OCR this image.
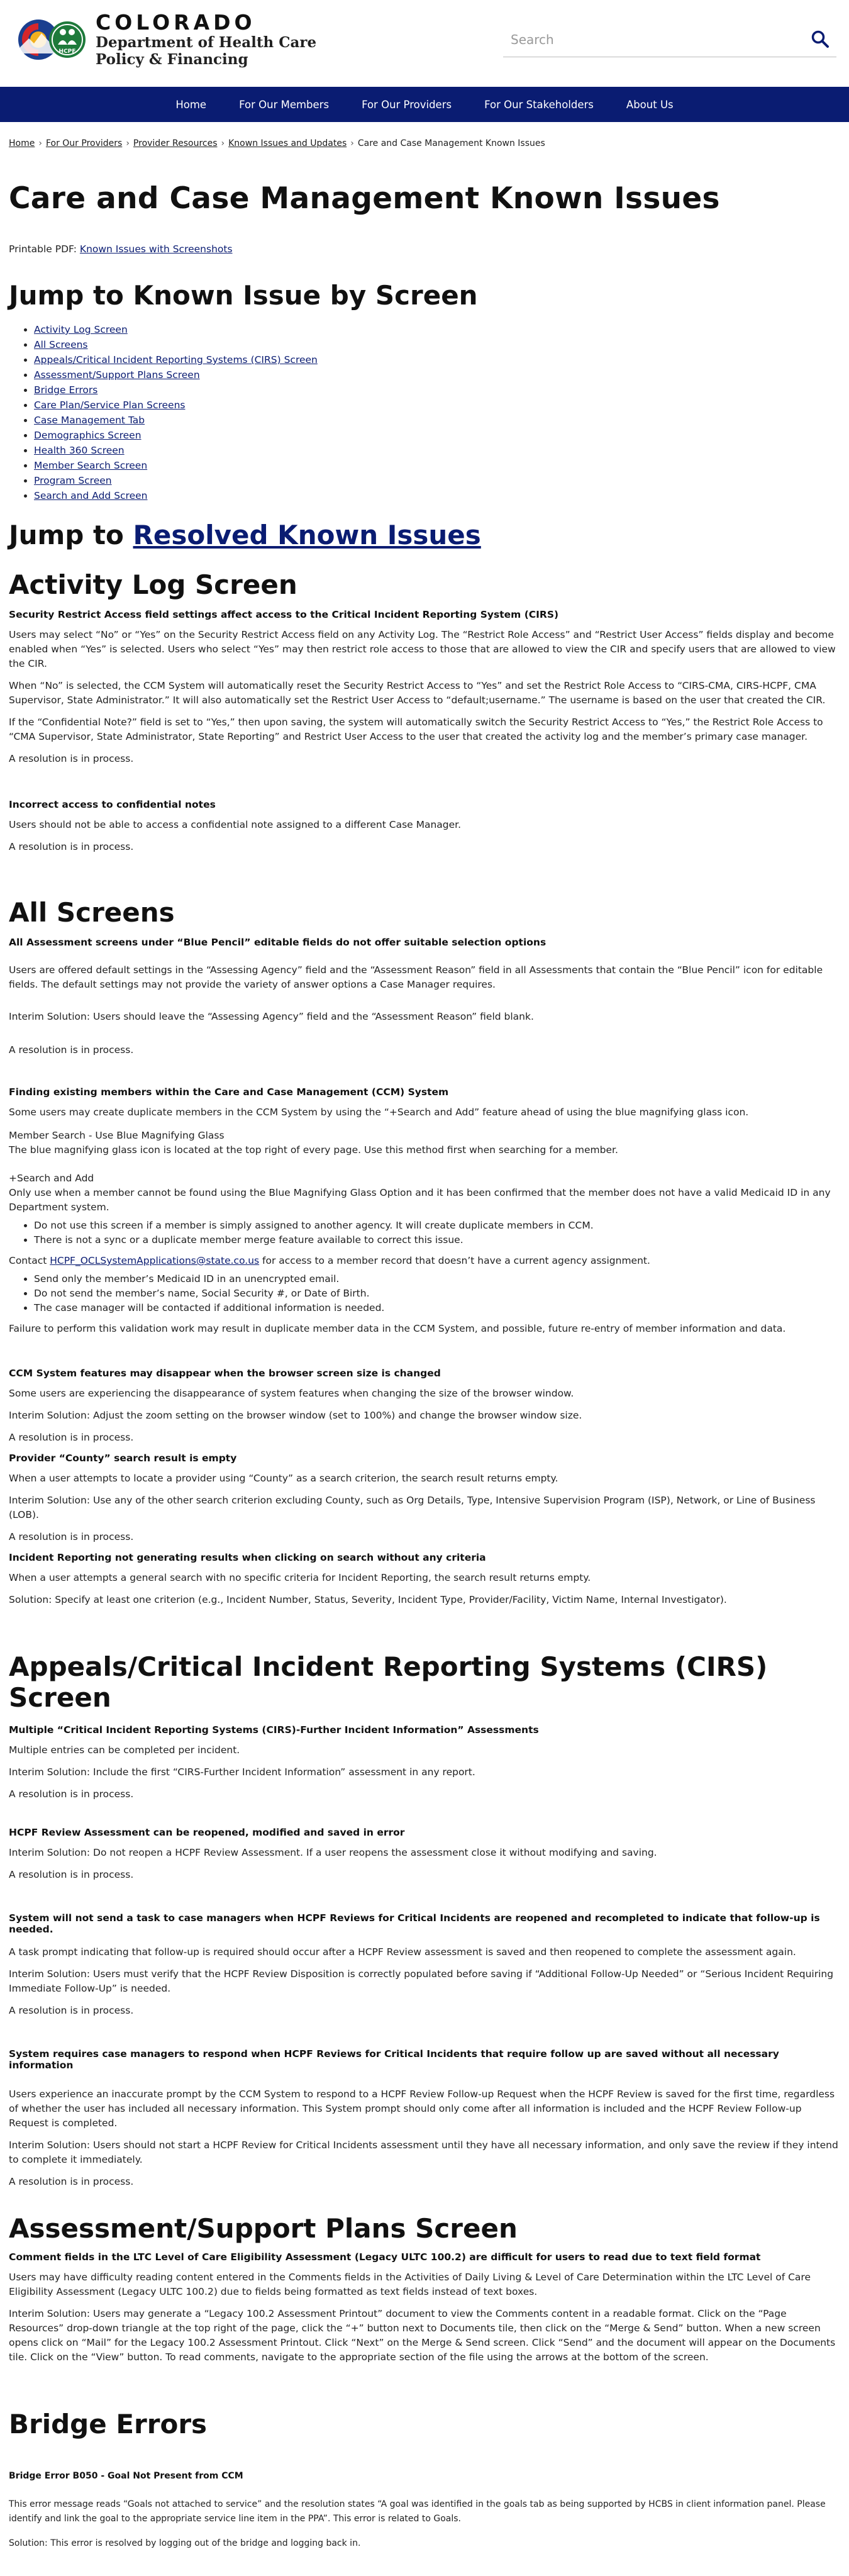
HCPF
COLORADO
Department of Health Care
Policy & Financing
Search
Home	For Our Members	For Our Providers	For Our Stakeholders	About Us
Home › For Our Providers › Provider Resources › Known Issues and Updates › Care and Case Management Known Issues
Care and Case Management Known Issues
Printable PDF: Known Issues with Screenshots
Jump to Known Issue by Screen
• Activity Log Screen
• All Screens
• Appeals/Critical Incident Reporting Systems (CIRS) Screen
• Assessment/Support Plans Screen
• Bridge Errors
• Care Plan/Service Plan Screens
• Case Management Tab
• Demographics Screen
• Health 360 Screen
• Member Search Screen
• Program Screen
• Search and Add Screen
Jump to Resolved Known Issues
Activity Log Screen

Security Restrict Access field settings affect access to the Critical Incident Reporting System (CIRS)

Users may select “No” or “Yes” on the Security Restrict Access field on any Activity Log. The “Restrict Role Access” and “Restrict User Access” fields display and become enabled when “Yes” is selected. Users who select “Yes” may then restrict role access to those that are allowed to view the CIR and specify users that are allowed to view the CIR.

When “No” is selected, the CCM System will automatically reset the Security Restrict Access to “Yes” and set the Restrict Role Access to “CIRS-CMA, CIRS-HCPF, CMA Supervisor, State Administrator.” It will also automatically set the Restrict User Access to “default;username.” The username is based on the user that created the CIR.

If the “Confidential Note?” field is set to “Yes,” then upon saving, the system will automatically switch the Security Restrict Access to “Yes,” the Restrict Role Access to “CMA Supervisor, State Administrator, State Reporting” and Restrict User Access to the user that created the activity log and the member’s primary case manager.

A resolution is in process.

Incorrect access to confidential notes

Users should not be able to access a confidential note assigned to a different Case Manager.

A resolution is in process.

All Screens

All Assessment screens under “Blue Pencil” editable fields do not offer suitable selection options

Users are offered default settings in the “Assessing Agency” field and the “Assessment Reason” field in all Assessments that contain the “Blue Pencil” icon for editable fields. The default settings may not provide the variety of answer options a Case Manager requires.

Interim Solution: Users should leave the “Assessing Agency” field and the “Assessment Reason” field blank.

A resolution is in process.

Finding existing members within the Care and Case Management (CCM) System

Some users may create duplicate members in the CCM System by using the “+Search and Add” feature ahead of using the blue magnifying glass icon.

Member Search - Use Blue Magnifying Glass

The blue magnifying glass icon is located at the top right of every page. Use this method first when searching for a member.

+Search and Add

Only use when a member cannot be found using the Blue Magnifying Glass Option and it has been confirmed that the member does not have a valid Medicaid ID in any Department system.

• Do not use this screen if a member is simply assigned to another agency. It will create duplicate members in CCM.
• There is not a sync or a duplicate member merge feature available to correct this issue.

Contact HCPF_OCLSystemApplications@state.co.us for access to a member record that doesn’t have a current agency assignment.

• Send only the member’s Medicaid ID in an unencrypted email.
• Do not send the member’s name, Social Security #, or Date of Birth.
• The case manager will be contacted if additional information is needed.

Failure to perform this validation work may result in duplicate member data in the CCM System, and possible, future re-entry of member information and data.

CCM System features may disappear when the browser screen size is changed

Some users are experiencing the disappearance of system features when changing the size of the browser window.

Interim Solution: Adjust the zoom setting on the browser window (set to 100%) and change the browser window size.

A resolution is in process.

Provider “County” search result is empty

When a user attempts to locate a provider using “County” as a search criterion, the search result returns empty.

Interim Solution: Use any of the other search criterion excluding County, such as Org Details, Type, Intensive Supervision Program (ISP), Network, or Line of Business (LOB).

A resolution is in process.

Incident Reporting not generating results when clicking on search without any criteria

When a user attempts a general search with no specific criteria for Incident Reporting, the search result returns empty.

Solution: Specify at least one criterion (e.g., Incident Number, Status, Severity, Incident Type, Provider/Facility, Victim Name, Internal Investigator).

Appeals/Critical Incident Reporting Systems (CIRS) Screen

Multiple “Critical Incident Reporting Systems (CIRS)-Further Incident Information” Assessments

Multiple entries can be completed per incident.

Interim Solution: Include the first “CIRS-Further Incident Information” assessment in any report.

A resolution is in process.

HCPF Review Assessment can be reopened, modified and saved in error

Interim Solution: Do not reopen a HCPF Review Assessment. If a user reopens the assessment close it without modifying and saving.

A resolution is in process.

System will not send a task to case managers when HCPF Reviews for Critical Incidents are reopened and recompleted to indicate that follow-up is needed.

A task prompt indicating that follow-up is required should occur after a HCPF Review assessment is saved and then reopened to complete the assessment again.

Interim Solution: Users must verify that the HCPF Review Disposition is correctly populated before saving if “Additional Follow-Up Needed” or “Serious Incident Requiring Immediate Follow-Up” is needed.

A resolution is in process.

System requires case managers to respond when HCPF Reviews for Critical Incidents that require follow up are saved without all necessary information

Users experience an inaccurate prompt by the CCM System to respond to a HCPF Review Follow-up Request when the HCPF Review is saved for the first time, regardless of whether the user has included all necessary information. This System prompt should only come after all information is included and the HCPF Review Follow-up Request is completed.

Interim Solution: Users should not start a HCPF Review for Critical Incidents assessment until they have all necessary information, and only save the review if they intend to complete it immediately.

A resolution is in process.

Assessment/Support Plans Screen

Comment fields in the LTC Level of Care Eligibility Assessment (Legacy ULTC 100.2) are difficult for users to read due to text field format

Users may have difficulty reading content entered in the Comments fields in the Activities of Daily Living & Level of Care Determination within the LTC Level of Care Eligibility Assessment (Legacy ULTC 100.2) due to fields being formatted as text fields instead of text boxes.

Interim Solution: Users may generate a “Legacy 100.2 Assessment Printout” document to view the Comments content in a readable format. Click on the “Page Resources” drop-down triangle at the top right of the page, click the “+” button next to Documents tile, then click on the “Merge & Send” button. When a new screen opens click on “Mail” for the Legacy 100.2 Assessment Printout. Click “Next” on the Merge & Send screen. Click “Send” and the document will appear on the Documents tile. Click on the “View” button. To read comments, navigate to the appropriate section of the file using the arrows at the bottom of the screen.

Bridge Errors

Bridge Error B050 - Goal Not Present from CCM

This error message reads “Goals not attached to service” and the resolution states “A goal was identified in the goals tab as being supported by HCBS in client information panel. Please identify and link the goal to the appropriate service line item in the PPA”. This error is related to Goals.

Solution: This error is resolved by logging out of the bridge and logging back in.
